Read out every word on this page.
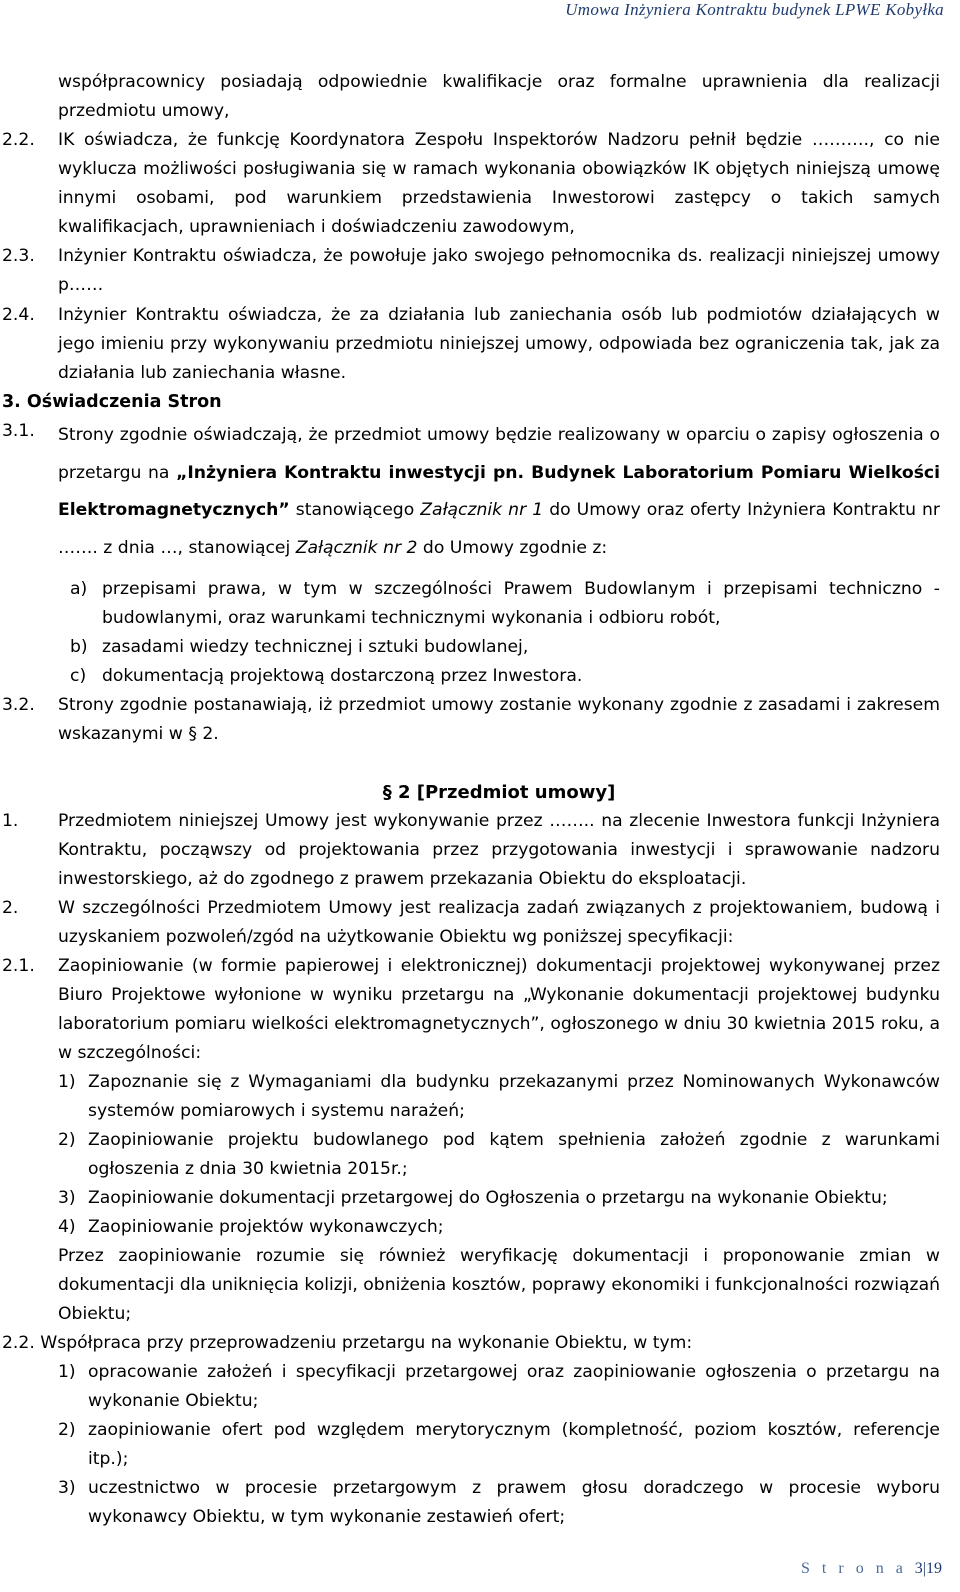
Umowa Inżyniera Kontraktu budynek LPWE Kobyłka

współpracownicy posiadają odpowiednie kwalifikacje oraz formalne uprawnienia dla realizacji przedmiotu umowy,

2.2. IK oświadcza, że funkcję Koordynatora Zespołu Inspektorów Nadzoru pełnił będzie ………., co nie wyklucza możliwości posługiwania się w ramach wykonania obowiązków IK objętych niniejszą umowę innymi osobami, pod warunkiem przedstawienia Inwestorowi zastępcy o takich samych kwalifikacjach, uprawnieniach i doświadczeniu zawodowym,
2.3. Inżynier Kontraktu oświadcza, że powołuje jako swojego pełnomocnika ds. realizacji niniejszej umowy p……
2.4. Inżynier Kontraktu oświadcza, że za działania lub zaniechania osób lub podmiotów działających w jego imieniu przy wykonywaniu przedmiotu niniejszej umowy, odpowiada bez ograniczenia tak, jak za działania lub zaniechania własne.
3. Oświadczenia Stron
3.1. Strony zgodnie oświadczają, że przedmiot umowy będzie realizowany w oparciu o zapisy ogłoszenia o przetargu na „Inżyniera Kontraktu inwestycji pn. Budynek Laboratorium Pomiaru Wielkości Elektromagnetycznych” stanowiącego Załącznik nr 1 do Umowy oraz oferty Inżyniera Kontraktu nr ……. z dnia …, stanowiącej Załącznik nr 2 do Umowy zgodnie z:
a) przepisami prawa, w tym w szczególności Prawem Budowlanym i przepisami techniczno - budowlanymi, oraz warunkami technicznymi wykonania i odbioru robót,
b) zasadami wiedzy technicznej i sztuki budowlanej,
c) dokumentacją projektową dostarczoną przez Inwestora.
3.2. Strony zgodnie postanawiają, iż przedmiot umowy zostanie wykonany zgodnie z zasadami i zakresem wskazanymi w § 2.
§ 2 [Przedmiot umowy]
1. Przedmiotem niniejszej Umowy jest wykonywanie przez …….. na zlecenie Inwestora funkcji Inżyniera Kontraktu, począwszy od projektowania przez przygotowania inwestycji i sprawowanie nadzoru inwestorskiego, aż do zgodnego z prawem przekazania Obiektu do eksploatacji.
2. W szczególności Przedmiotem Umowy jest realizacja zadań związanych z projektowaniem, budową i uzyskaniem pozwoleń/zgód na użytkowanie Obiektu wg poniższej specyfikacji:
2.1. Zaopiniowanie (w formie papierowej i elektronicznej) dokumentacji projektowej wykonywanej przez Biuro Projektowe wyłonione w wyniku przetargu na „Wykonanie dokumentacji projektowej budynku laboratorium pomiaru wielkości elektromagnetycznych”, ogłoszonego w dniu 30 kwietnia 2015 roku, a w szczególności:
1) Zapoznanie się z Wymaganiami dla budynku przekazanymi przez Nominowanych Wykonawców systemów pomiarowych i systemu narażeń;
2) Zaopiniowanie projektu budowlanego pod kątem spełnienia założeń zgodnie z warunkami ogłoszenia z dnia 30 kwietnia 2015r.;
3) Zaopiniowanie dokumentacji przetargowej do Ogłoszenia o przetargu na wykonanie Obiektu;
4) Zaopiniowanie projektów wykonawczych;

Przez zaopiniowanie rozumie się również weryfikację dokumentacji i proponowanie zmian w dokumentacji dla uniknięcia kolizji, obniżenia kosztów, poprawy ekonomiki i funkcjonalności rozwiązań Obiektu;

2.2. Współpraca przy przeprowadzeniu przetargu na wykonanie Obiektu, w tym:

1) opracowanie założeń i specyfikacji przetargowej oraz zaopiniowanie ogłoszenia o przetargu na wykonanie Obiektu;
2) zaopiniowanie ofert pod względem merytorycznym (kompletność, poziom kosztów, referencje itp.);
3) uczestnictwo w procesie przetargowym z prawem głosu doradczego w procesie wyboru wykonawcy Obiektu, w tym wykonanie zestawień ofert;
S t r o n a 3|19
